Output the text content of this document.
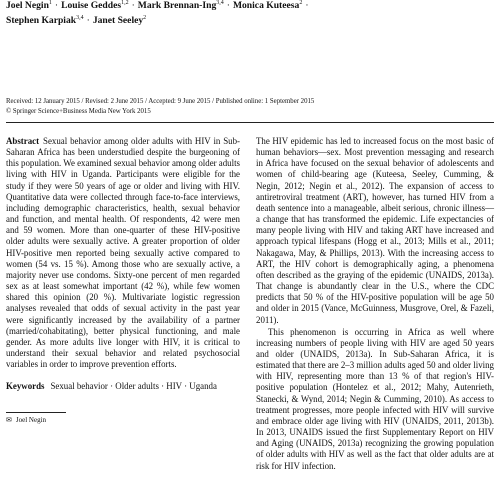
Joel Negin$^1$ · Louise Geddes$^{1,2}$ · Mark Brennan-Ing$^{3,4}$ · Monica Kuteesa$^2$ ·
Stephen Karpiak$^{3,4}$ · Janet Seeley$^2$
Received: 12 January 2015 / Revised: 2 June 2015 / Accepted: 9 June 2015 / Published online: 1 September 2015
© Springer Science+Business Media New York 2015

Abstract Sexual behavior among older adults with HIV in Sub-Saharan Africa has been understudied despite the burgeoning of this population. We examined sexual behavior among older adults living with HIV in Uganda. Participants were eligible for the study if they were 50 years of age or older and living with HIV. Quantitative data were collected through face-to-face interviews, including demographic characteristics, health, sexual behavior and function, and mental health. Of respondents, 42 were men and 59 women. More than one-quarter of these HIV-positive older adults were sexually active. A greater proportion of older HIV-positive men reported being sexually active compared to women (54 vs. 15 %). Among those who are sexually active, a majority never use condoms. Sixty-one percent of men regarded sex as at least somewhat important (42 %), while few women shared this opinion (20 %). Multivariate logistic regression analyses revealed that odds of sexual activity in the past year were significantly increased by the availability of a partner (married/cohabitating), better physical functioning, and male gender. As more adults live longer with HIV, it is critical to understand their sexual behavior and related psychosocial variables in order to improve prevention efforts.

Keywords Sexual behavior · Older adults · HIV · Uganda
✉ Joel Negin

The HIV epidemic has led to increased focus on the most basic of human behaviors—sex. Most prevention messaging and research in Africa have focused on the sexual behavior of adolescents and women of child-bearing age (Kuteesa, Seeley, Cumming, & Negin, 2012; Negin et al., 2012). The expansion of access to antiretroviral treatment (ART), however, has turned HIV from a death sentence into a manageable, albeit serious, chronic illness—a change that has transformed the epidemic. Life expectancies of many people living with HIV and taking ART have increased and approach typical lifespans (Hogg et al., 2013; Mills et al., 2011; Nakagawa, May, & Phillips, 2013). With the increasing access to ART, the HIV cohort is demographically aging, a phenomena often described as the graying of the epidemic (UNAIDS, 2013a). That change is abundantly clear in the U.S., where the CDC predicts that 50 % of the HIV-positive population will be age 50 and older in 2015 (Vance, McGuinness, Musgrove, Orel, & Fazeli, 2011).

This phenomenon is occurring in Africa as well where increasing numbers of people living with HIV are aged 50 years and older (UNAIDS, 2013a). In Sub-Saharan Africa, it is estimated that there are 2–3 million adults aged 50 and older living with HIV, representing more than 13 % of that region's HIV-positive population (Hontelez et al., 2012; Mahy, Autenrieth, Stanecki, & Wynd, 2014; Negin & Cumming, 2010). As access to treatment progresses, more people infected with HIV will survive and embrace older age living with HIV (UNAIDS, 2011, 2013b). In 2013, UNAIDS issued the first Supplementary Report on HIV and Aging (UNAIDS, 2013a) recognizing the growing population of older adults with HIV as well as the fact that older adults are at risk for HIV infection.
